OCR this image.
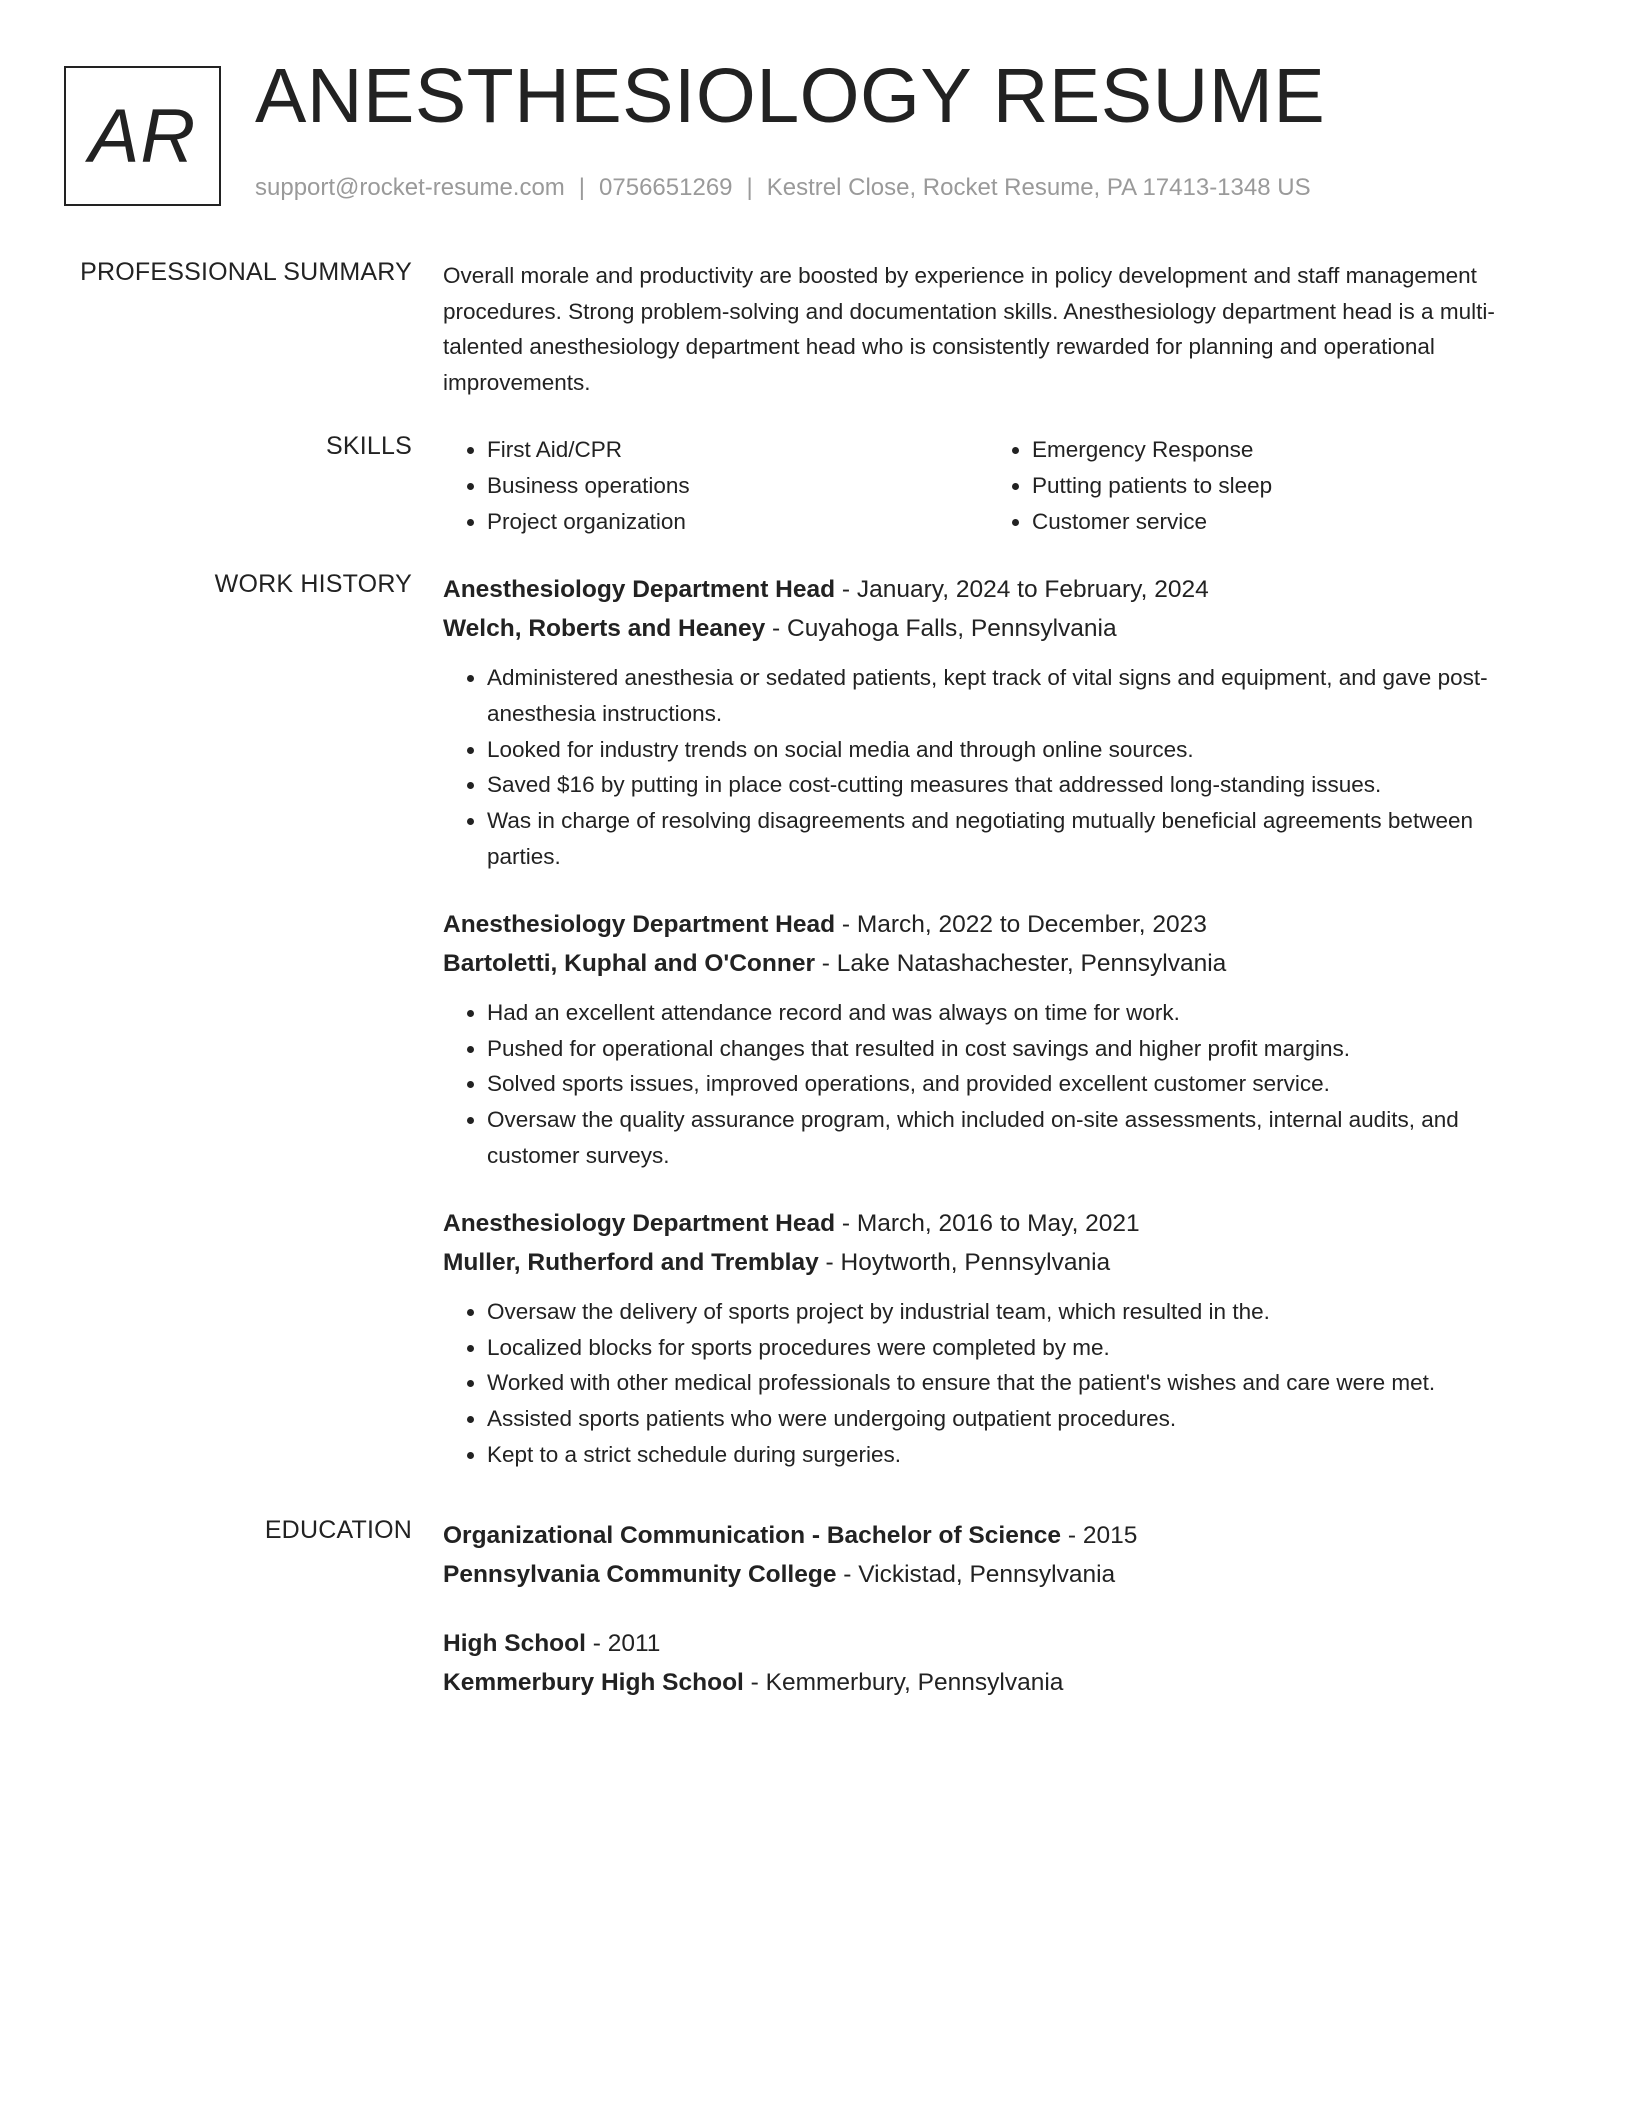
AR ANESTHESIOLOGY RESUME
support@rocket-resume.com | 0756651269 | Kestrel Close, Rocket Resume, PA 17413-1348 US
PROFESSIONAL SUMMARY Overall morale and productivity are boosted by experience in policy development and staff management procedures. Strong problem-solving and documentation skills. Anesthesiology department head is a multi-talented anesthesiology department head who is consistently rewarded for planning and operational improvements.

SKILLS
•	First Aid/CPR
• Business operations
• Project organization
• Emergency Response
• Putting patients to sleep
• Customer service
WORK HISTORY Anesthesiology Department Head - January, 2024 to February, 2024
Welch, Roberts and Heaney - Cuyahoga Falls, Pennsylvania
• Administered anesthesia or sedated patients, kept track of vital signs and equipment, and gave post-anesthesia instructions.
• Looked for industry trends on social media and through online sources.
• Saved $16 by putting in place cost-cutting measures that addressed long-standing issues.
• Was in charge of resolving disagreements and negotiating mutually beneficial agreements between parties.
Anesthesiology Department Head - March, 2022 to December, 2023
Bartoletti, Kuphal and O'Conner - Lake Natashachester, Pennsylvania
• Had an excellent attendance record and was always on time for work.
• Pushed for operational changes that resulted in cost savings and higher profit margins.
• Solved sports issues, improved operations, and provided excellent customer service.
• Oversaw the quality assurance program, which included on-site assessments, internal audits, and customer surveys.
Anesthesiology Department Head - March, 2016 to May, 2021
Muller, Rutherford and Tremblay - Hoytworth, Pennsylvania
• Oversaw the delivery of sports project by industrial team, which resulted in the.
• Localized blocks for sports procedures were completed by me.
• Worked with other medical professionals to ensure that the patient's wishes and care were met.
• Assisted sports patients who were undergoing outpatient procedures.
• Kept to a strict schedule during surgeries.
EDUCATION Organizational Communication - Bachelor of Science - 2015
Pennsylvania Community College - Vickistad, Pennsylvania
High School - 2011
Kemmerbury High School - Kemmerbury, Pennsylvania
